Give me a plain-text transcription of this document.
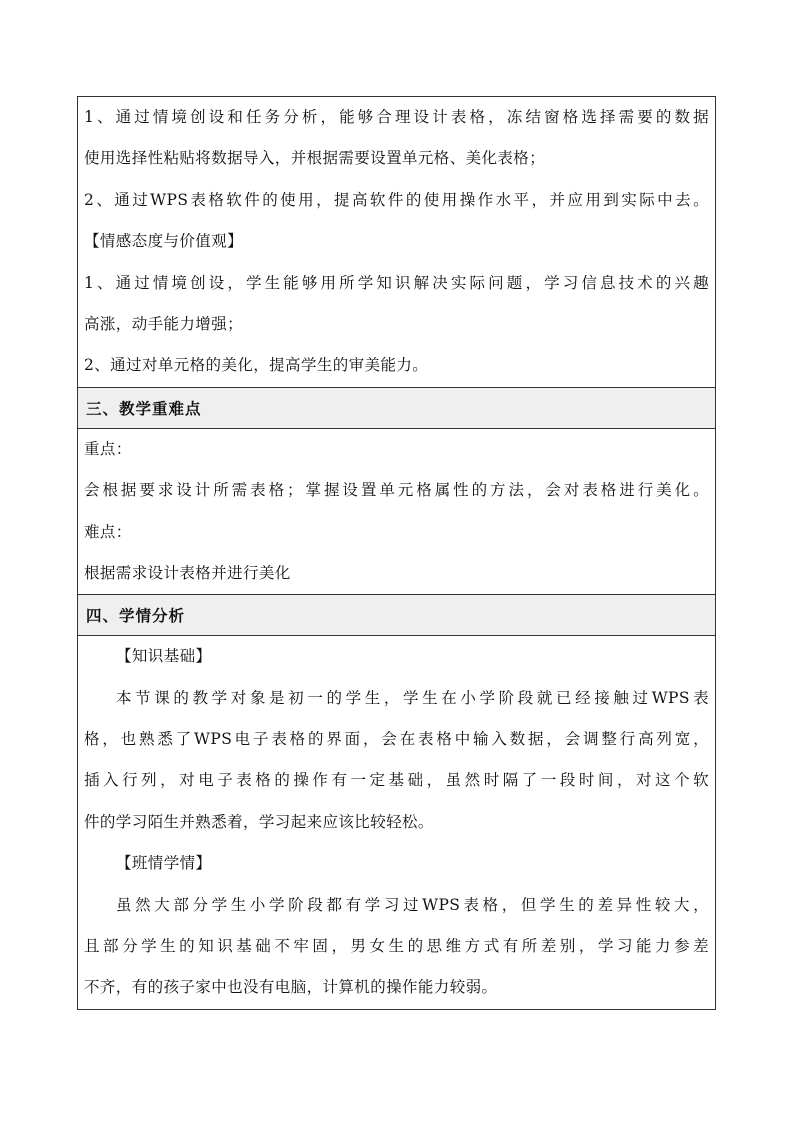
1、通过情境创设和任务分析，能够合理设计表格，冻结窗格选择需要的数据
使用选择性粘贴将数据导入，并根据需要设置单元格、美化表格；
2、通过WPS表格软件的使用，提高软件的使用操作水平，并应用到实际中去。
【情感态度与价值观】
1、通过情境创设，学生能够用所学知识解决实际问题，学习信息技术的兴趣
高涨，动手能力增强；
2、通过对单元格的美化，提高学生的审美能力。
三、教学重难点
重点：
会根据要求设计所需表格；掌握设置单元格属性的方法，会对表格进行美化。
难点：
根据需求设计表格并进行美化
四、学情分析
【知识基础】
本节课的教学对象是初一的学生，学生在小学阶段就已经接触过WPS表
格，也熟悉了WPS电子表格的界面，会在表格中输入数据，会调整行高列宽，
插入行列，对电子表格的操作有一定基础，虽然时隔了一段时间，对这个软
件的学习陌生并熟悉着，学习起来应该比较轻松。
【班情学情】
虽然大部分学生小学阶段都有学习过WPS表格，但学生的差异性较大，
且部分学生的知识基础不牢固，男女生的思维方式有所差别，学习能力参差
不齐，有的孩子家中也没有电脑，计算机的操作能力较弱。
